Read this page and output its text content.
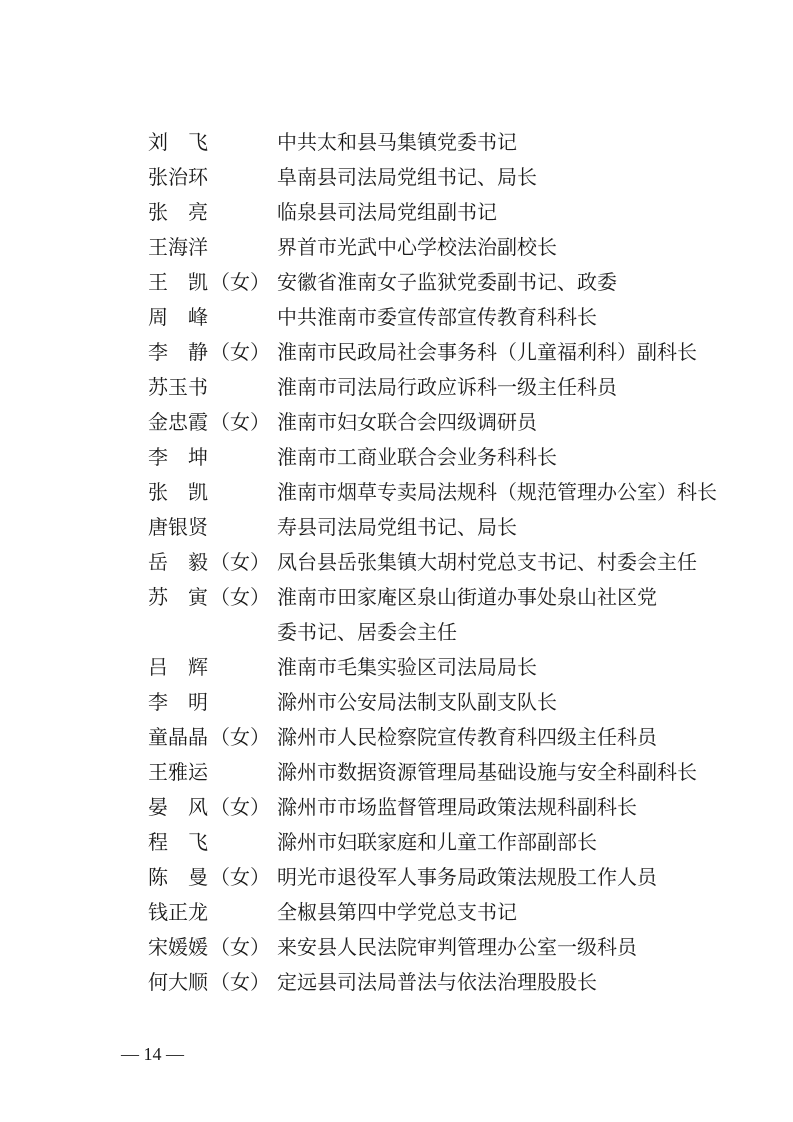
刘　飞	中共太和县马集镇党委书记
张治环	阜南县司法局党组书记、局长
张　亮	临泉县司法局党组副书记
王海洋	界首市光武中心学校法治副校长
王　凯 （女） 安徽省淮南女子监狱党委副书记、政委
周　峰	中共淮南市委宣传部宣传教育科科长
李　静 （女） 淮南市民政局社会事务科（儿童福利科）副科长
苏玉书	淮南市司法局行政应诉科一级主任科员
金忠霞 （女） 淮南市妇女联合会四级调研员
李　坤	淮南市工商业联合会业务科科长
张　凯	淮南市烟草专卖局法规科（规范管理办公室）科长
唐银贤	寿县司法局党组书记、局长
岳　毅 （女） 凤台县岳张集镇大胡村党总支书记、村委会主任
苏　寅 （女） 淮南市田家庵区泉山街道办事处泉山社区党
委书记、居委会主任
吕　辉	淮南市毛集实验区司法局局长
李　明	滁州市公安局法制支队副支队长
童晶晶 （女） 滁州市人民检察院宣传教育科四级主任科员
王雅运	滁州市数据资源管理局基础设施与安全科副科长
晏　风 （女） 滁州市市场监督管理局政策法规科副科长
程　飞	滁州市妇联家庭和儿童工作部副部长
陈　曼 （女） 明光市退役军人事务局政策法规股工作人员
钱正龙	全椒县第四中学党总支书记
宋媛媛 （女） 来安县人民法院审判管理办公室一级科员
何大顺 （女） 定远县司法局普法与依法治理股股长
— 14 —
